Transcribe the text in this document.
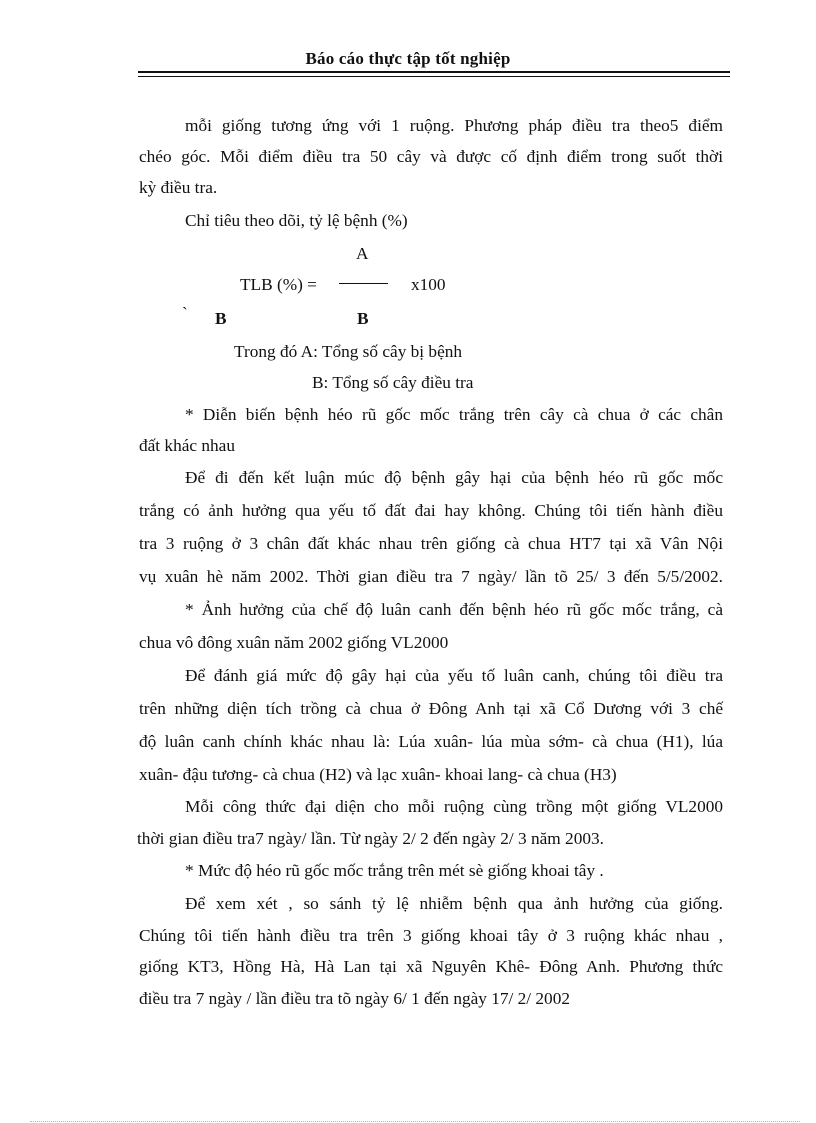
Báo cáo thực tập tốt nghiệp
mỗi giống tương ứng với 1 ruộng. Phương pháp điều tra theo5 điểm
chéo góc. Mỗi điểm điều tra 50 cây và được cố định điểm trong suốt thời
kỳ điều tra.
Chỉ tiêu theo dõi, tỷ lệ bệnh (%)
A
TLB (%) =	x100
` B	B
Trong đó A: Tổng số cây bị bệnh
B: Tổng số cây điều tra
* Diễn biến bệnh héo rũ gốc mốc trắng trên cây cà chua ở các chân
đất khác nhau
Để đi đến kết luận múc độ bệnh gây hại của bệnh héo rũ gốc mốc
trắng có ảnh hưởng qua yếu tố đất đai hay không. Chúng tôi tiến hành điều
tra 3 ruộng ở 3 chân đất khác nhau trên giống cà chua HT7 tại xã Vân Nội
vụ xuân hè năm 2002. Thời gian điều tra 7 ngày/ lần tõ 25/ 3 đến 5/5/2002.
* Ảnh hưởng của chế độ luân canh đến bệnh héo rũ gốc mốc trắng, cà
chua vô đông xuân năm 2002 giống VL2000
Để đánh giá mức độ gây hại của yếu tố luân canh, chúng tôi điều tra
trên những diện tích trồng cà chua ở Đông Anh tại xã Cổ Dương với 3 chế
độ luân canh chính khác nhau là: Lúa xuân- lúa mùa sớm- cà chua (H1), lúa
xuân- đậu tương- cà chua (H2) và lạc xuân- khoai lang- cà chua (H3)
Mỗi công thức đại diện cho mỗi ruộng cùng trồng một giống VL2000
thời gian điều tra7 ngày/ lần. Từ ngày 2/ 2 đến ngày 2/ 3 năm 2003.
* Mức độ héo rũ gốc mốc trắng trên mét sè giống khoai tây .
Để xem xét , so sánh tỷ lệ nhiễm bệnh qua ảnh hưởng của giống.
Chúng tôi tiến hành điều tra trên 3 giống khoai tây ở 3 ruộng khác nhau ,
giống KT3, Hồng Hà, Hà Lan tại xã Nguyên Khê- Đông Anh. Phương thức
điều tra 7 ngày / lần điều tra tõ ngày 6/ 1 đến ngày 17/ 2/ 2002
